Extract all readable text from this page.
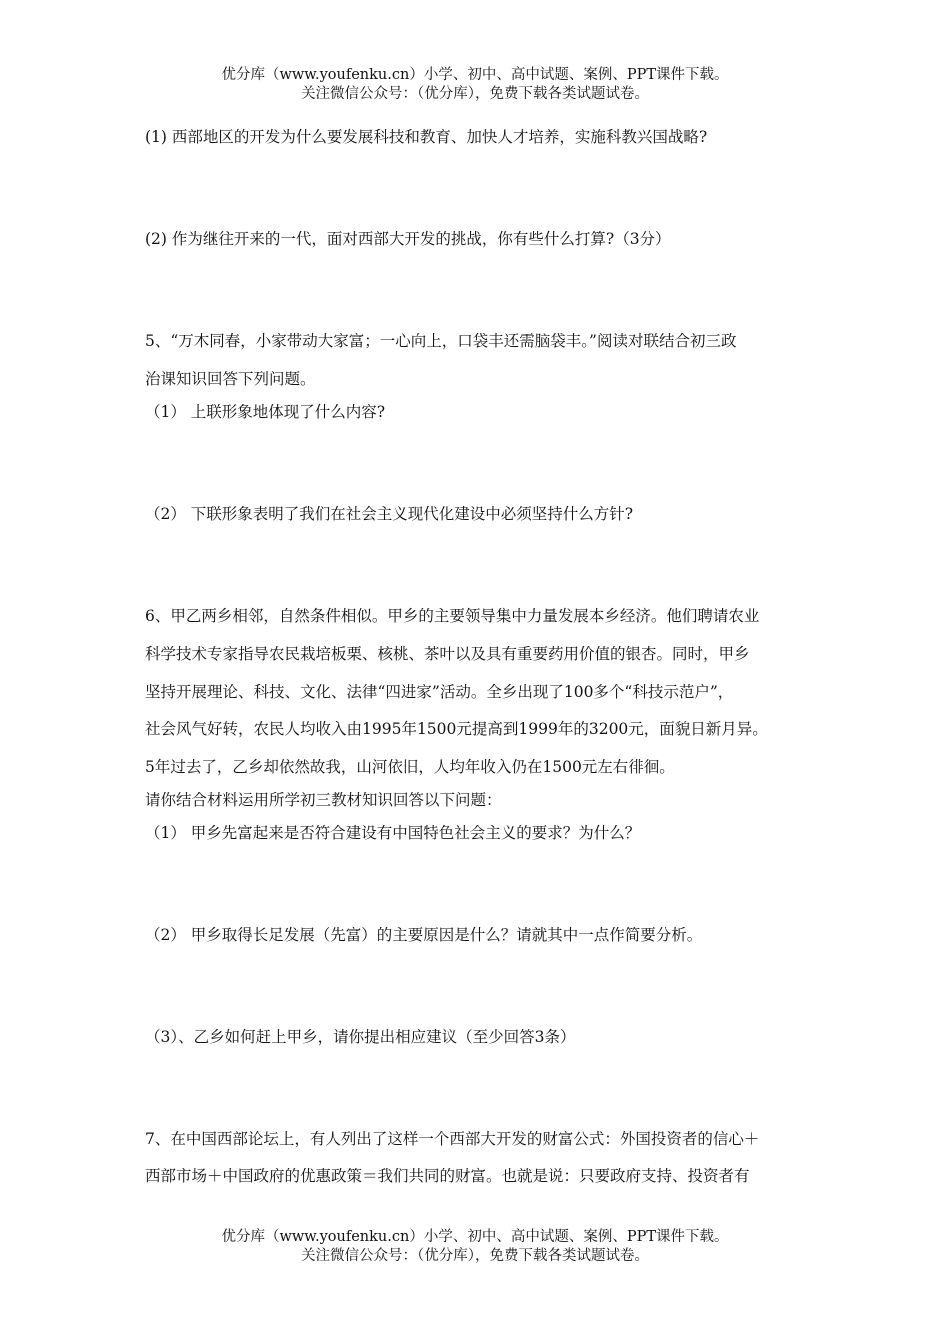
优分库（www.youfenku.cn）小学、初中、高中试题、案例、PPT课件下载。
关注微信公众号：（优分库），免费下载各类试题试卷。
(1) 西部地区的开发为什么要发展科技和教育、加快人才培养，实施科教兴国战略?
(2) 作为继往开来的一代，面对西部大开发的挑战，你有些什么打算?（3分）
5、“万木同春，小家带动大家富；一心向上，口袋丰还需脑袋丰。”阅读对联结合初三政
治课知识回答下列问题。
（1） 上联形象地体现了什么内容?
（2） 下联形象表明了我们在社会主义现代化建设中必须坚持什么方针?
6、甲乙两乡相邻，自然条件相似。甲乡的主要领导集中力量发展本乡经济。他们聘请农业
科学技术专家指导农民栽培板栗、核桃、茶叶以及具有重要药用价值的银杏。同时，甲乡
坚持开展理论、科技、文化、法律“四进家”活动。全乡出现了100多个“科技示范户”，
社会风气好转，农民人均收入由1995年1500元提高到1999年的3200元，面貌日新月异。
5年过去了，乙乡却依然故我，山河依旧，人均年收入仍在1500元左右徘徊。
请你结合材料运用所学初三教材知识回答以下问题：
（1） 甲乡先富起来是否符合建设有中国特色社会主义的要求？为什么？
（2） 甲乡取得长足发展（先富）的主要原因是什么？请就其中一点作简要分析。
（3）、乙乡如何赶上甲乡，请你提出相应建议（至少回答3条）
7、在中国西部论坛上，有人列出了这样一个西部大开发的财富公式：外国投资者的信心＋
西部市场＋中国政府的优惠政策＝我们共同的财富。也就是说：只要政府支持、投资者有
优分库（www.youfenku.cn）小学、初中、高中试题、案例、PPT课件下载。
关注微信公众号：（优分库），免费下载各类试题试卷。
